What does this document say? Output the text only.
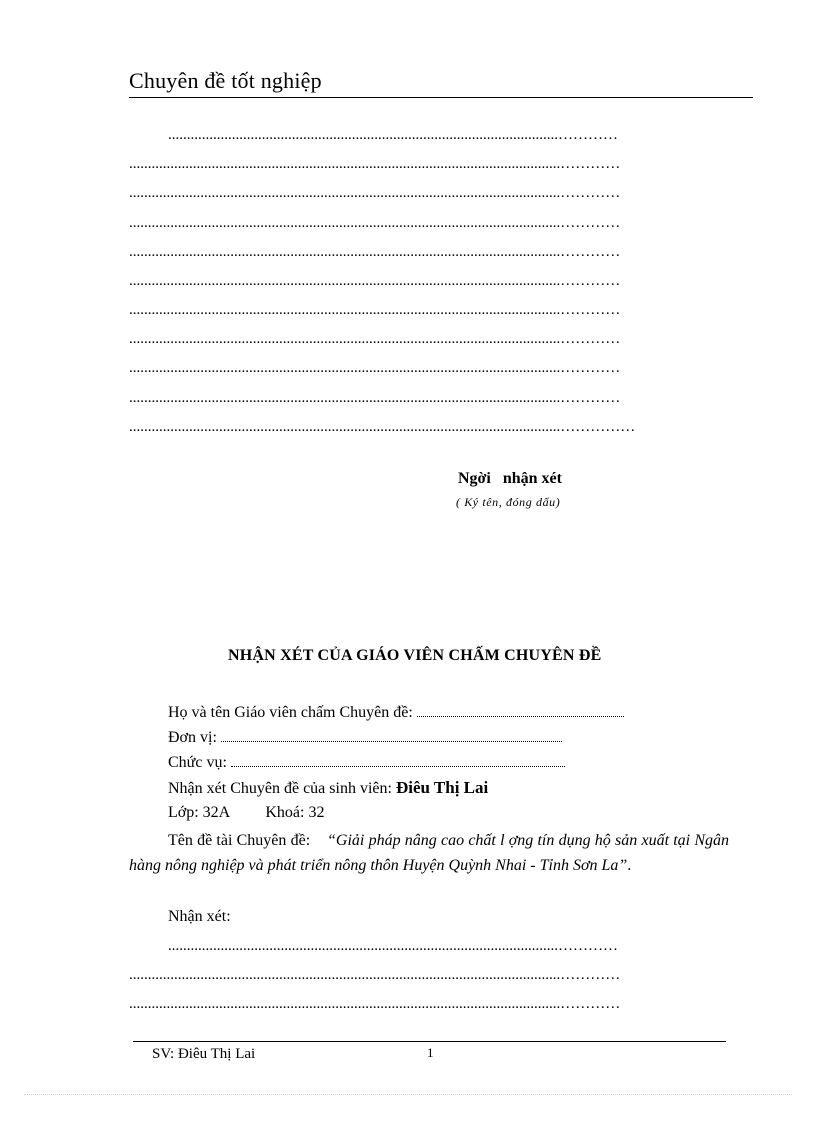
Chuyên đề tốt nghiệp
........................................................................................................…………
...................................................................................................................…………
...................................................................................................................…………
...................................................................................................................…………
...................................................................................................................…………
...................................................................................................................…………
...................................................................................................................…………
...................................................................................................................…………
...................................................................................................................…………
...................................................................................................................…………
...................................................................................................................……………
Ngời   nhận xét
( Ký tên, đóng dấu)
NHẬN XÉT CỦA GIÁO VIÊN CHẤM CHUYÊN ĐỀ
Họ và tên Giáo viên chấm Chuyên đề:
Đơn vị:
Chức vụ:
Nhận xét Chuyên đề của sinh viên: Điêu Thị Lai
Lớp: 32A Khoá: 32
Tên đề tài Chuyên đề: “Giải pháp nâng cao chất l ợng tín dụng hộ sản xuất tại Ngân hàng nông nghiệp và phát triển nông thôn Huyện Quỳnh Nhai - Tỉnh Sơn La”.
Nhận xét:
........................................................................................................…………
...................................................................................................................…………
...................................................................................................................…………
SV: Điêu Thị Lai	1
